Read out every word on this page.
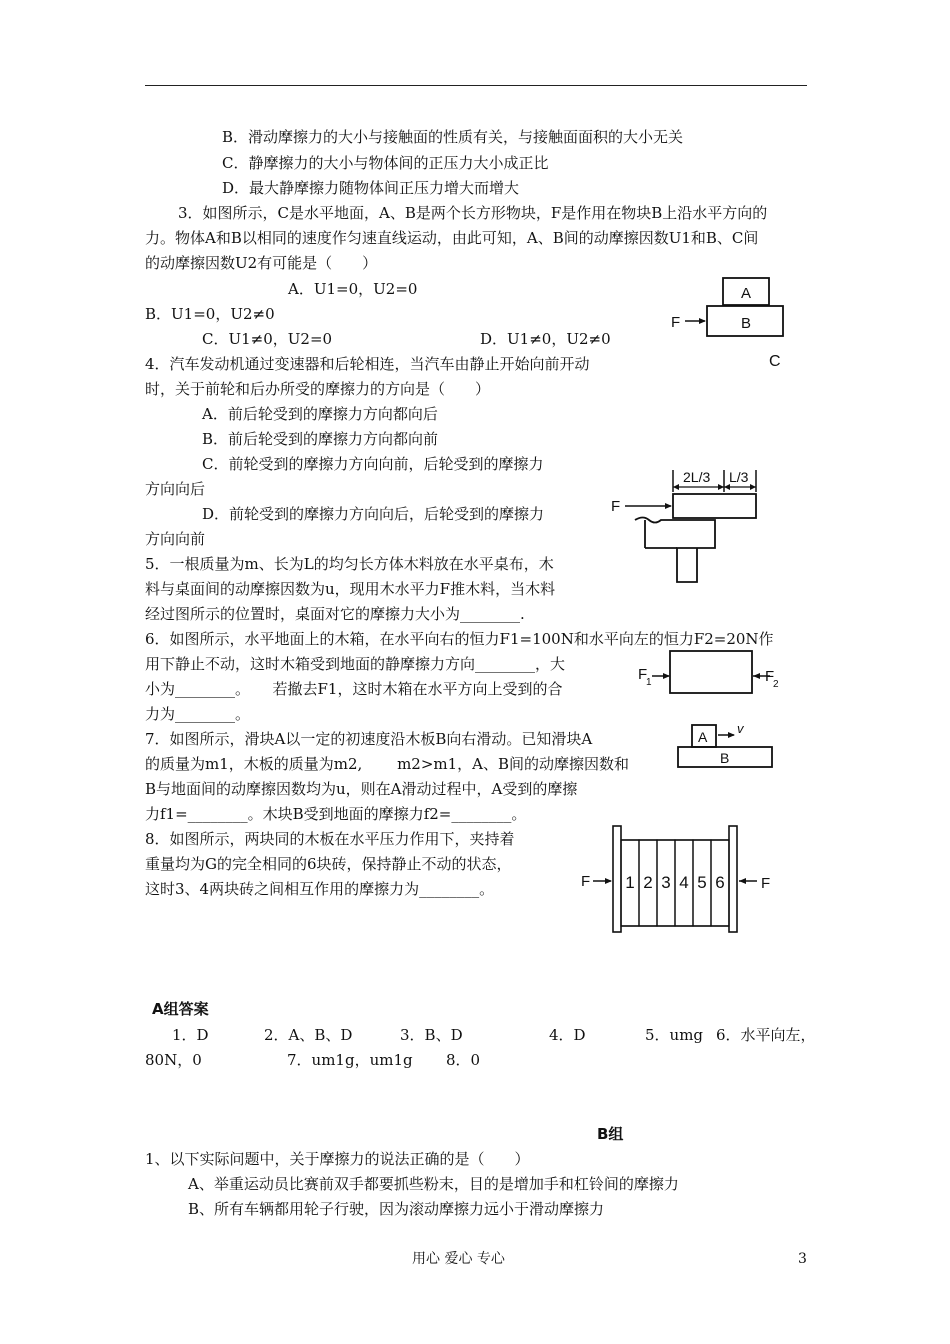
B．滑动摩擦力的大小与接触面的性质有关，与接触面面积的大小无关
C．静摩擦力的大小与物体间的正压力大小成正比
D．最大静摩擦力随物体间正压力增大而增大
3．如图所示，C是水平地面，A、B是两个长方形物块，F是作用在物块B上沿水平方向的
力。物体A和B以相同的速度作匀速直线运动，由此可知，A、B间的动摩擦因数U1和B、C间
的动摩擦因数U2有可能是（　　）
A．U1=0，U2=0
B．U1=0，U2≠0
C．U1≠0，U2=0	D．U1≠0，U2≠0
F
A
B
C
4．汽车发动机通过变速器和后轮相连，当汽车由静止开始向前开动
时，关于前轮和后办所受的摩擦力的方向是（　　）
A．前后轮受到的摩擦力方向都向后
B．前后轮受到的摩擦力方向都向前
C．前轮受到的摩擦力方向向前，后轮受到的摩擦力
方向向后
D．前轮受到的摩擦力方向向后，后轮受到的摩擦力
方向向前
5．一根质量为m、长为L的均匀长方体木料放在水平桌布，木
料与桌面间的动摩擦因数为u，现用木水平力F推木料，当木料
经过图所示的位置时，桌面对它的摩擦力大小为________.
2L/3 L/3
F
6．如图所示，水平地面上的木箱，在水平向右的恒力F1=100N和水平向左的恒力F2=20N作
用下静止不动，这时木箱受到地面的静摩擦力方向________，大
小为________。　　若撤去F1，这时木箱在水平方向上受到的合
力为________。
F
1	F
2
7．如图所示，滑块A以一定的初速度沿木板B向右滑动。已知滑块A
的质量为m1，木板的质量为m2,　　 m2>m1，A、B间的动摩擦因数和
B与地面间的动摩擦因数均为u，则在A滑动过程中，A受到的摩擦
力f1=________。木块B受到地面的摩擦力f2=________。
A
B
v
8．如图所示，两块同的木板在水平压力作用下，夹持着
重量均为G的完全相同的6块砖，保持静止不动的状态，
这时3、4两块砖之间相互作用的摩擦力为________。	1 2 3 4 5 6
F	F
A组答案
1．D	2．A、B、D	3．B、D	4．D	5．umg 6．水平向左，
80N，0	7．um1g，um1g 8．0
B组
1、以下实际问题中，关于摩擦力的说法正确的是（　　）
A、举重运动员比赛前双手都要抓些粉末，目的是增加手和杠铃间的摩擦力
B、所有车辆都用轮子行驶，因为滚动摩擦力远小于滑动摩擦力
用心 爱心 专心	3
